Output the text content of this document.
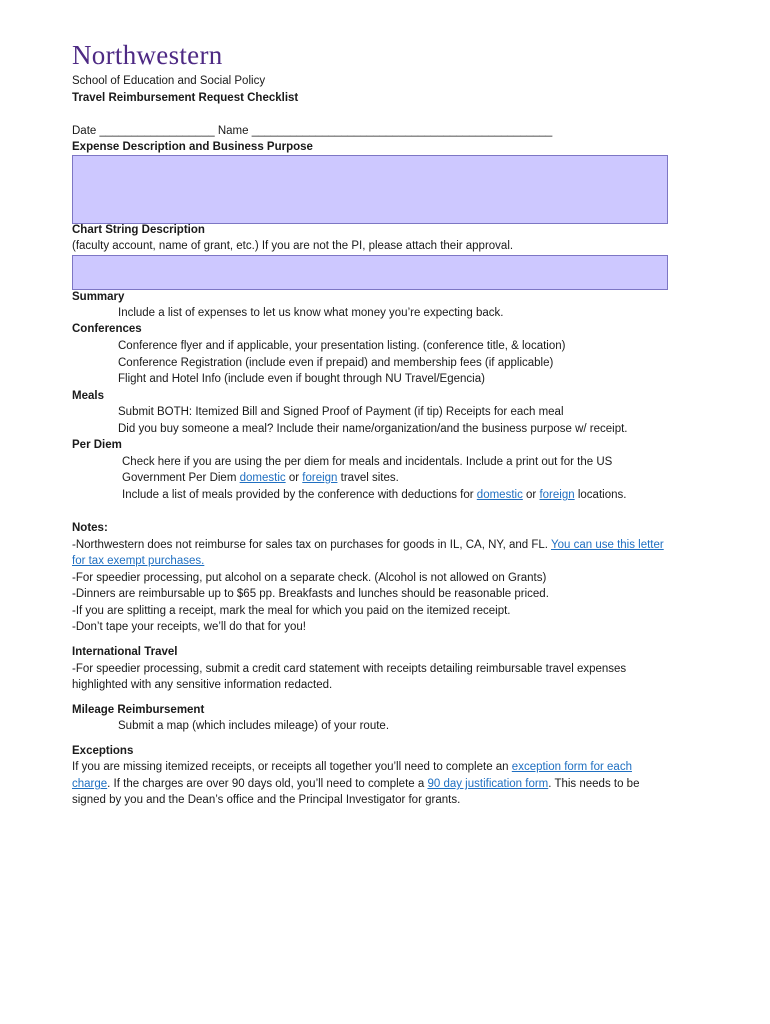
Northwestern
School of Education and Social Policy
Travel Reimbursement Request Checklist
Date __________________ Name _______________________________________________
Expense Description and Business Purpose
Chart String Description
(faculty account, name of grant, etc.) If you are not the PI, please attach their approval.
Summary
Include a list of expenses to let us know what money you’re expecting back.
Conferences
Conference flyer and if applicable, your presentation listing. (conference title, & location)
Conference Registration (include even if prepaid) and membership fees (if applicable)
Flight and Hotel Info (include even if bought through NU Travel/Egencia)
Meals
Submit BOTH: Itemized Bill and Signed Proof of Payment (if tip) Receipts for each meal
Did you buy someone a meal? Include their name/organization/and the business purpose w/ receipt.
Per Diem
Check here if you are using the per diem for meals and incidentals. Include a print out for the US
Government Per Diem domestic or foreign travel sites.
Include a list of meals provided by the conference with deductions for domestic or foreign locations.
Notes:
-Northwestern does not reimburse for sales tax on purchases for goods in IL, CA, NY, and FL. You can use this letter
for tax exempt purchases.
-For speedier processing, put alcohol on a separate check. (Alcohol is not allowed on Grants)
-Dinners are reimbursable up to $65 pp. Breakfasts and lunches should be reasonable priced.
-If you are splitting a receipt, mark the meal for which you paid on the itemized receipt.
-Don’t tape your receipts, we’ll do that for you!
International Travel
-For speedier processing, submit a credit card statement with receipts detailing reimbursable travel expenses
highlighted with any sensitive information redacted.
Mileage Reimbursement
Submit a map (which includes mileage) of your route.
Exceptions
If you are missing itemized receipts, or receipts all together you’ll need to complete an exception form for each
charge. If the charges are over 90 days old, you’ll need to complete a 90 day justification form. This needs to be
signed by you and the Dean’s office and the Principal Investigator for grants.
